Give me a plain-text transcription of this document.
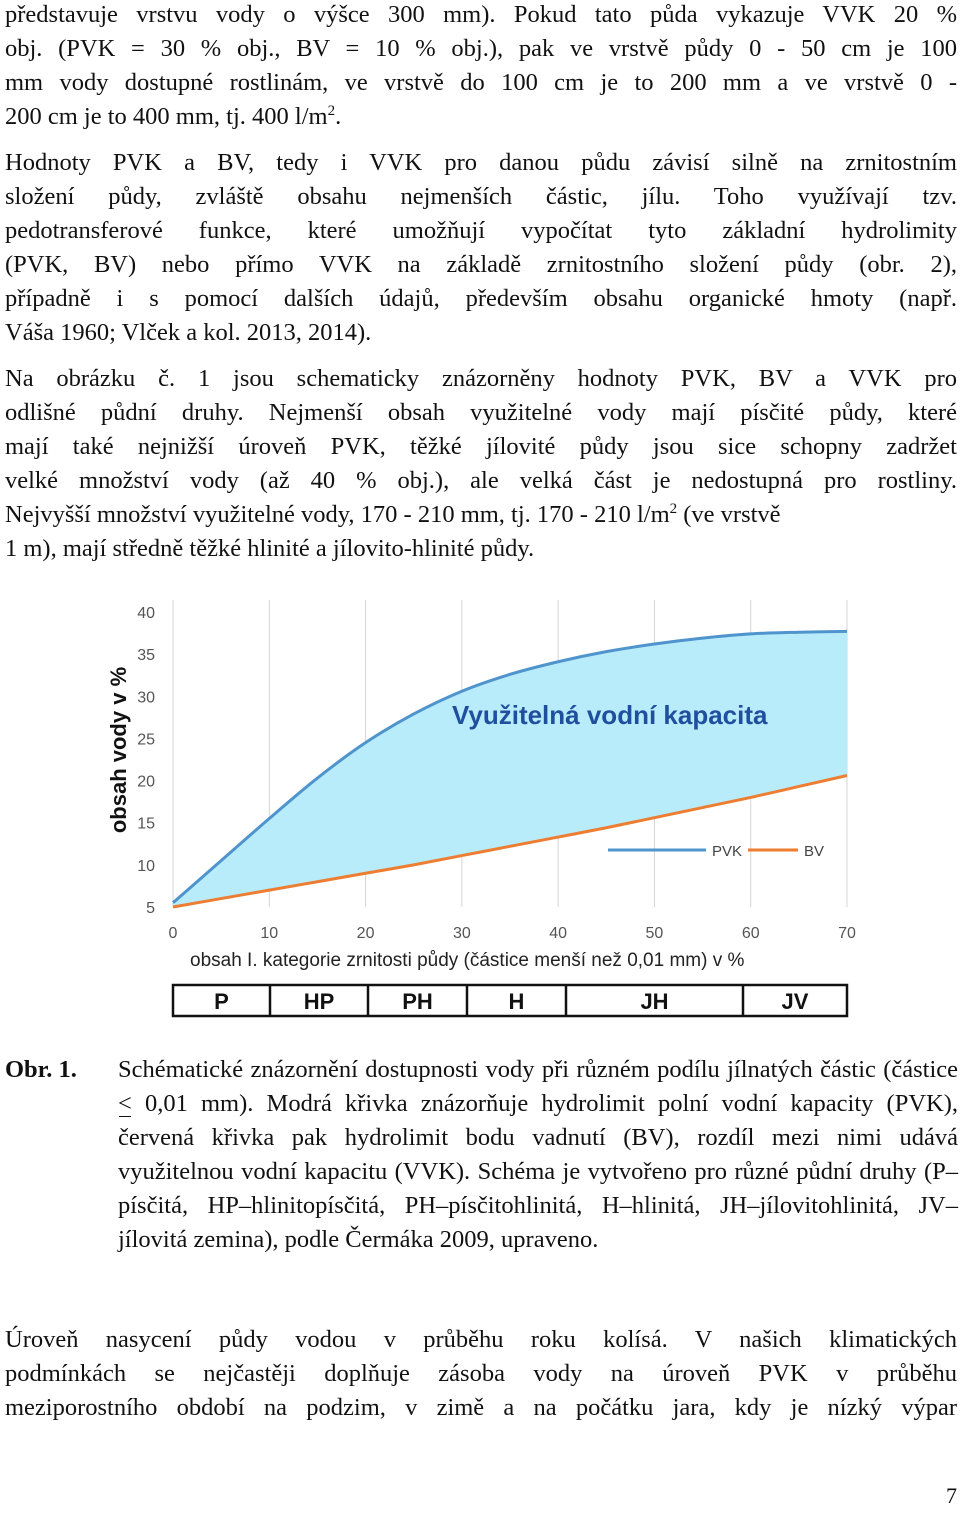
představuje vrstvu vody o výšce 300 mm). Pokud tato půda vykazuje VVK 20 %
obj. (PVK = 30 % obj., BV = 10 % obj.), pak ve vrstvě půdy 0 - 50 cm je 100
mm vody dostupné rostlinám, ve vrstvě do 100 cm je to 200 mm a ve vrstvě 0 -
200 cm je to 400 mm, tj. 400 $l/m^2$.
Hodnoty PVK a BV, tedy i VVK pro danou půdu závisí silně na zrnitostním
složení půdy, zvláště obsahu nejmenších částic, jílu. Toho využívají tzv.
pedotransferové funkce, které umožňují vypočítat tyto základní hydrolimity
(PVK, BV) nebo přímo VVK na základě zrnitostního složení půdy (obr. 2),
případně i s pomocí dalších údajů, především obsahu organické hmoty (např.
Váša 1960; Vlček a kol. 2013, 2014).
Na obrázku č. 1 jsou schematicky znázorněny hodnoty PVK, BV a VVK pro
odlišné půdní druhy. Nejmenší obsah využitelné vody mají písčité půdy, které
mají také nejnižší úroveň PVK, těžké jílovité půdy jsou sice schopny zadržet
velké množství vody (až 40 % obj.), ale velká část je nedostupná pro rostliny.
Nejvyšší množství využitelné vody, 170 - 210 mm, tj. 170 - 210 $l/m^2$ (ve vrstvě
1 m), mají středně těžké hlinité a jílovito-hlinité půdy.
5
10
15
20
25
30
35
40
0	10	20	30	40	50	60	70
Využitelná vodní kapacita
obsah vody v %
obsah I. kategorie zrnitosti půdy (částice menší než 0,01 mm) v %
PVK	BV
P	HP	PH	H	JH	JV
Obr. 1. Schématické znázornění dostupnosti vody při různém podílu jílnatých částic (částice < 0,01 mm). Modrá křivka znázorňuje hydrolimit polní vodní kapacity (PVK), červená křivka pak hydrolimit bodu vadnutí (BV), rozdíl mezi nimi udává využitelnou vodní kapacitu (VVK). Schéma je vytvořeno pro různé půdní druhy (P–písčitá, HP–hlinitopísčitá, PH–písčitohlinitá, H–hlinitá, JH–jílovitohlinitá, JV–jílovitá zemina), podle Čermáka 2009, upraveno.
Úroveň nasycení půdy vodou v průběhu roku kolísá. V našich klimatických
podmínkách se nejčastěji doplňuje zásoba vody na úroveň PVK v průběhu
meziporostního období na podzim, v zimě a na počátku jara, kdy je nízký výpar
7
